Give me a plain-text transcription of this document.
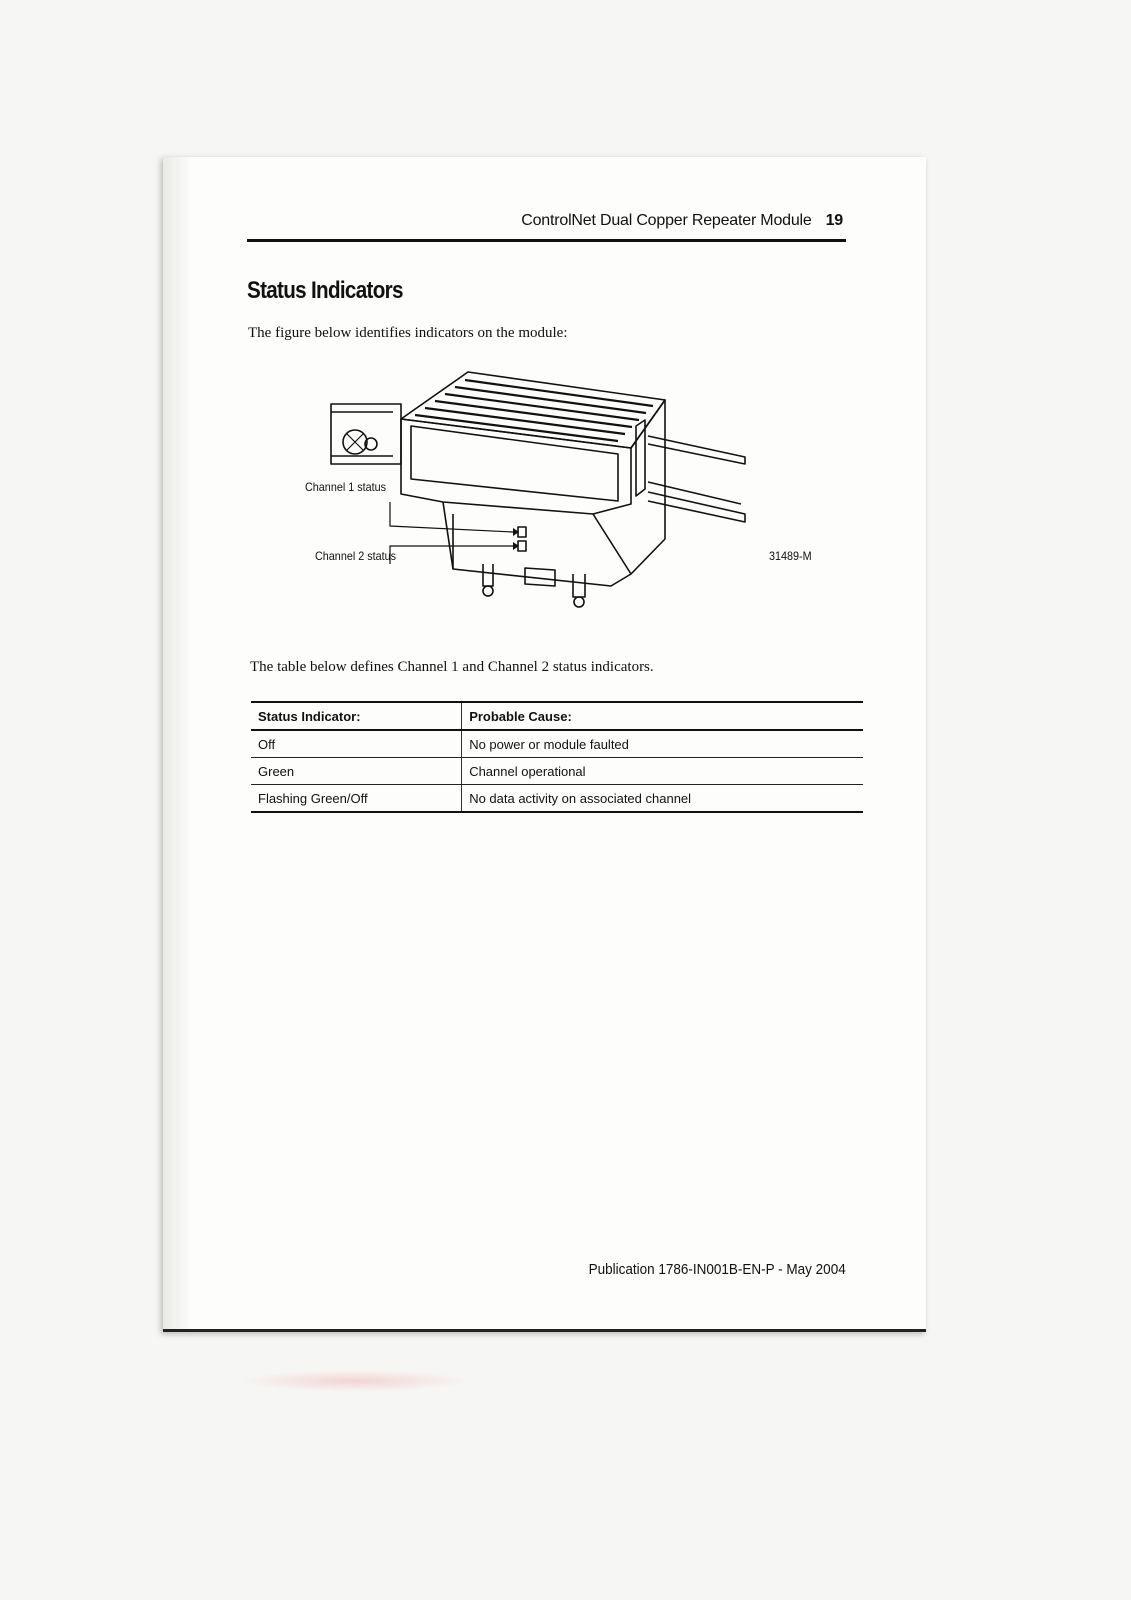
ControlNet Dual Copper Repeater Module 19
Status Indicators
The figure below identifies indicators on the module:
Channel 1 status
Channel 2 status	31489-M
The table below defines Channel 1 and Channel 2 status indicators.
Status Indicator:	Probable Cause:
Off	No power or module faulted
Green	Channel operational
Flashing Green/Off	No data activity on associated channel
Publication 1786-IN001B-EN-P - May 2004
